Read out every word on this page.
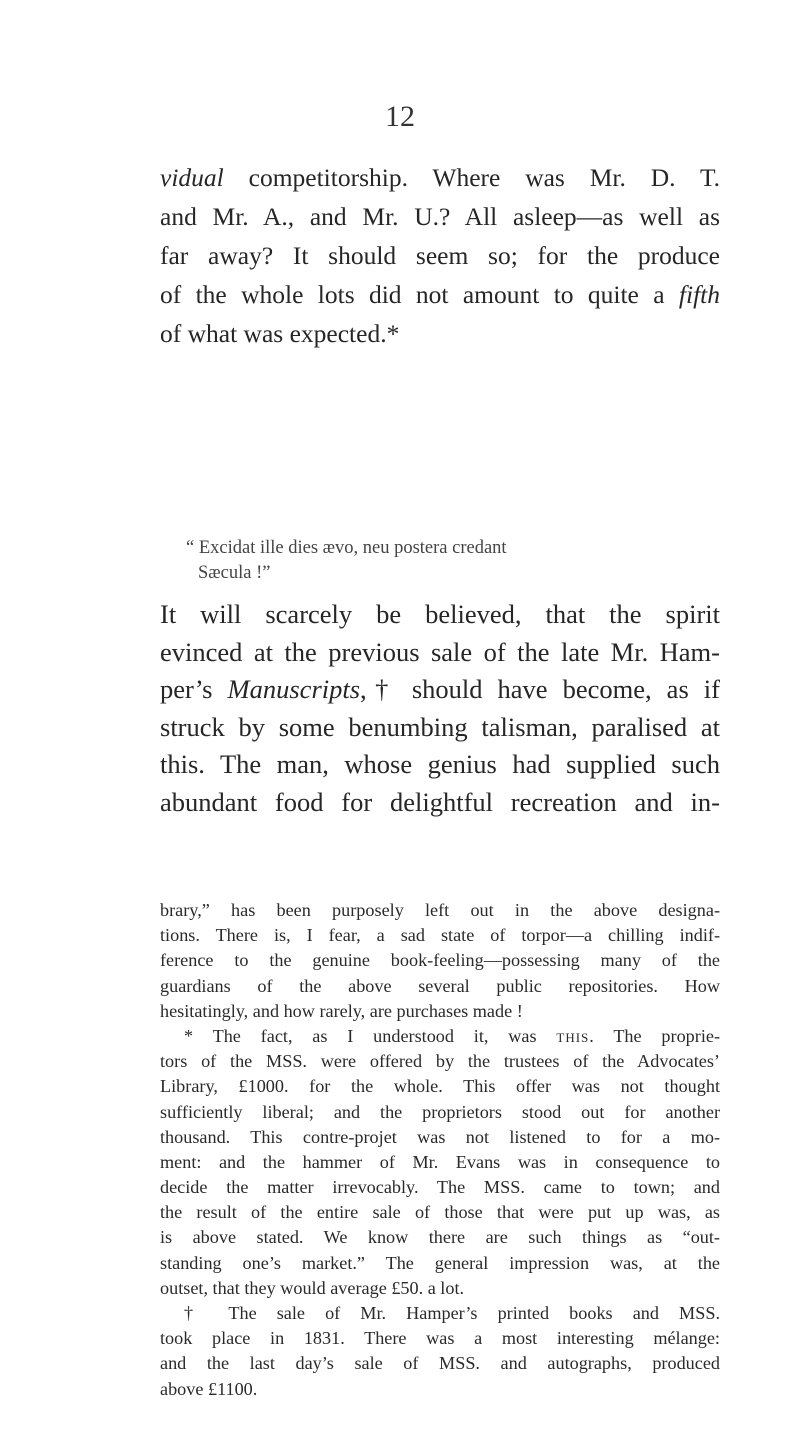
12
vidual competitorship. Where was Mr. D. T.
and Mr. A., and Mr. U.? All asleep—as well as
far away? It should seem so; for the produce
of the whole lots did not amount to quite a fifth
of what was expected.*
“ Excidat ille dies ævo, neu postera credant
Sæcula !”
It will scarcely be believed, that the spirit
evinced at the previous sale of the late Mr. Ham-
per’s Manuscripts,† should have become, as if
struck by some benumbing talisman, paralised at
this. The man, whose genius had supplied such
abundant food for delightful recreation and in-
brary,” has been purposely left out in the above designa-
tions. There is, I fear, a sad state of torpor—a chilling indif-
ference to the genuine book-feeling—possessing many of the
guardians of the above several public repositories. How
hesitatingly, and how rarely, are purchases made !
* The fact, as I understood it, was this. The proprie-
tors of the MSS. were offered by the trustees of the Advocates’
Library, £1000. for the whole. This offer was not thought
sufficiently liberal; and the proprietors stood out for another
thousand. This contre-projet was not listened to for a mo-
ment: and the hammer of Mr. Evans was in consequence to
decide the matter irrevocably. The MSS. came to town; and
the result of the entire sale of those that were put up was, as
is above stated. We know there are such things as “out-
standing one’s market.” The general impression was, at the
outset, that they would average £50. a lot.
† The sale of Mr. Hamper’s printed books and MSS.
took place in 1831. There was a most interesting mélange:
and the last day’s sale of MSS. and autographs, produced
above £1100.
